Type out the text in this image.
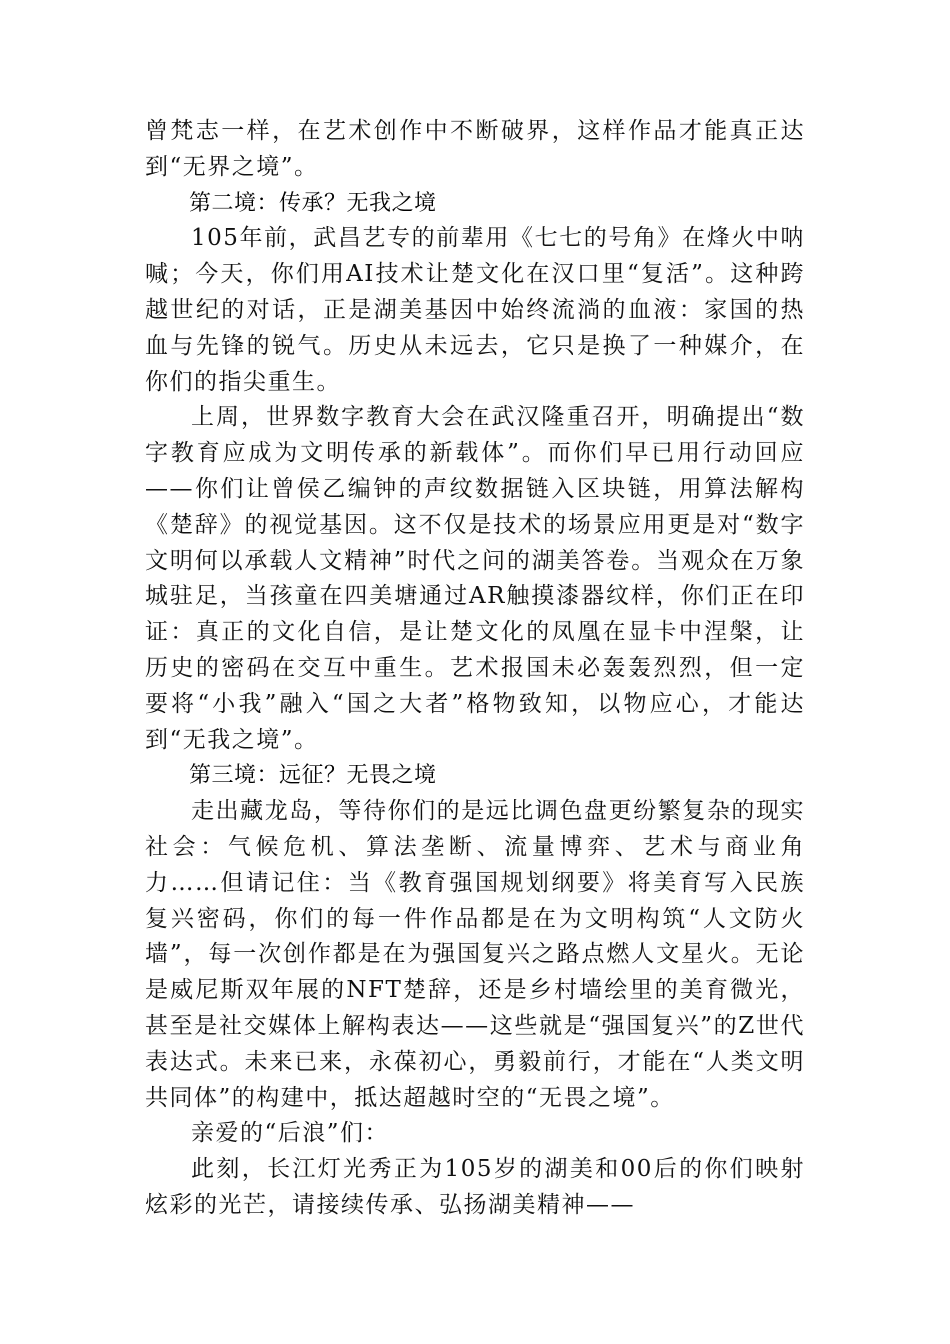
曾梵志一样，在艺术创作中不断破界，这样作品才能真正达到“无界之境”。

第二境：传承？无我之境

105年前，武昌艺专的前辈用《七七的号角》在烽火中呐喊；今天，你们用AI技术让楚文化在汉口里“复活”。这种跨越世纪的对话，正是湖美基因中始终流淌的血液：家国的热血与先锋的锐气。历史从未远去，它只是换了一种媒介，在你们的指尖重生。

上周，世界数字教育大会在武汉隆重召开，明确提出“数字教育应成为文明传承的新载体”。而你们早已用行动回应——你们让曾侯乙编钟的声纹数据链入区块链，用算法解构《楚辞》的视觉基因。这不仅是技术的场景应用更是对“数字文明何以承载人文精神”时代之问的湖美答卷。当观众在万象城驻足，当孩童在四美塘通过AR触摸漆器纹样，你们正在印证：真正的文化自信，是让楚文化的凤凰在显卡中涅槃，让历史的密码在交互中重生。艺术报国未必轰轰烈烈，但一定要将“小我”融入“国之大者”格物致知，以物应心，才能达到“无我之境”。

第三境：远征？无畏之境

走出藏龙岛，等待你们的是远比调色盘更纷繁复杂的现实社会：气候危机、算法垄断、流量博弈、艺术与商业角力……但请记住：当《教育强国规划纲要》将美育写入民族复兴密码，你们的每一件作品都是在为文明构筑“人文防火墙”，每一次创作都是在为强国复兴之路点燃人文星火。无论是威尼斯双年展的NFT楚辞，还是乡村墙绘里的美育微光，甚至是社交媒体上解构表达——这些就是“强国复兴”的Z世代表达式。未来已来，永葆初心，勇毅前行，才能在“人类文明共同体”的构建中，抵达超越时空的“无畏之境”。

亲爱的“后浪”们：

此刻，长江灯光秀正为105岁的湖美和00后的你们映射炫彩的光芒，请接续传承、弘扬湖美精神——
